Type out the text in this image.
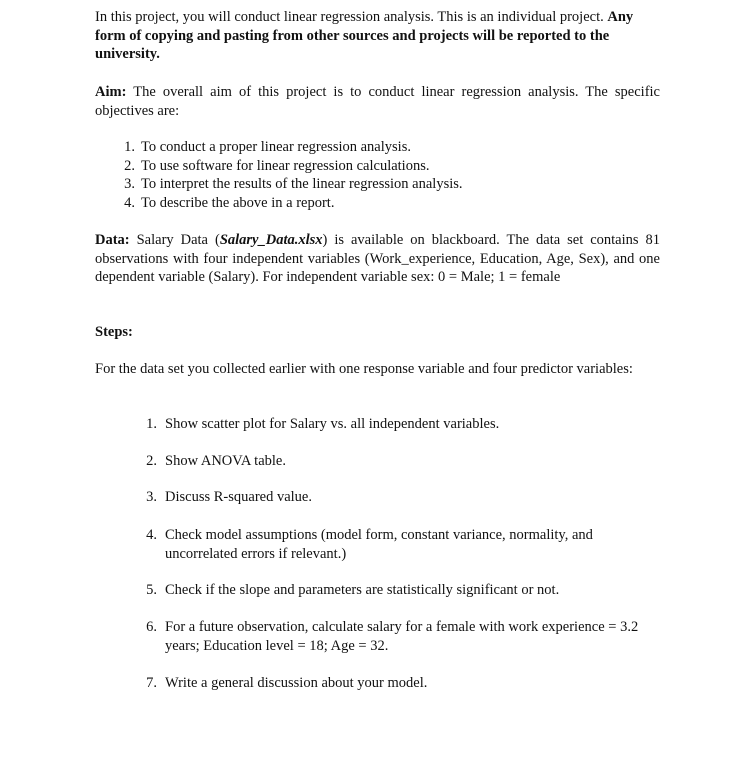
In this project, you will conduct linear regression analysis. This is an individual project. Any form of copying and pasting from other sources and projects will be reported to the university.

Aim: The overall aim of this project is to conduct linear regression analysis. The specific objectives are:

1. To conduct a proper linear regression analysis.
2. To use software for linear regression calculations.
3. To interpret the results of the linear regression analysis.
4. To describe the above in a report.

Data: Salary Data (Salary_Data.xlsx) is available on blackboard. The data set contains 81 observations with four independent variables (Work_experience, Education, Age, Sex), and one dependent variable (Salary). For independent variable sex: 0 = Male; 1 = female

Steps:

For the data set you collected earlier with one response variable and four predictor variables:

1. Show scatter plot for Salary vs. all independent variables.
2. Show ANOVA table.
3. Discuss R-squared value.
4. Check model assumptions (model form, constant variance, normality, and uncorrelated errors if relevant.)
5. Check if the slope and parameters are statistically significant or not.
6. For a future observation, calculate salary for a female with work experience = 3.2 years; Education level = 18; Age = 32.
7. Write a general discussion about your model.
